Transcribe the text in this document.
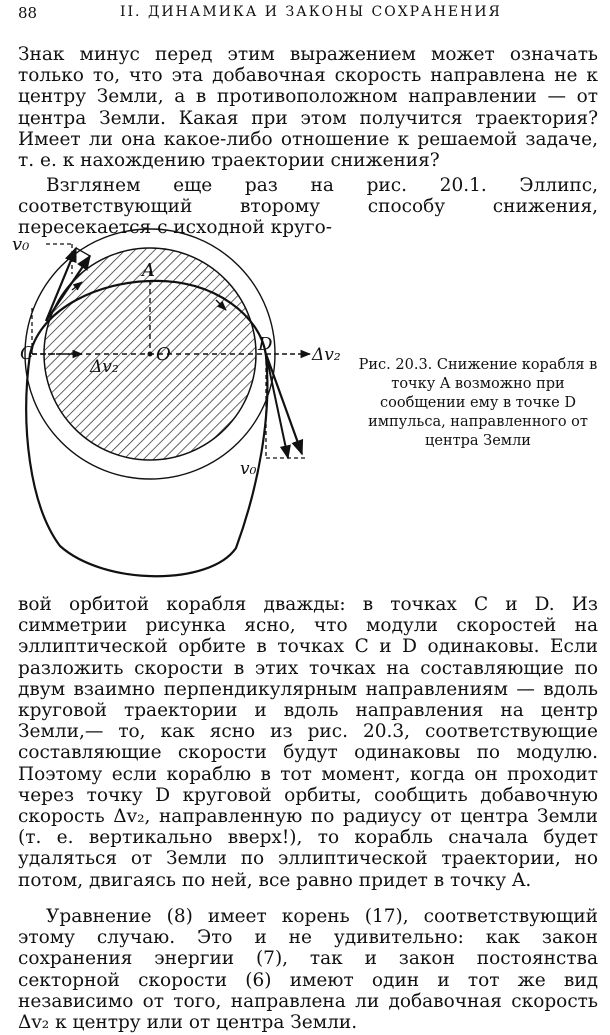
88	II. ДИНАМИКА И ЗАКОНЫ СОХРАНЕНИЯ

Знак минус перед этим выражением может означать только то, что эта добавочная скорость направлена не к центру Земли, а в противоположном направлении — от центра Земли. Какая при этом получится траектория? Имеет ли она какое-либо отношение к решаемой задаче, т. е. к нахождению траектории снижения?

Взглянем еще раз на рис. 20.1. Эллипс, соответствующий второму способу снижения, пересекается с исходной круго-

v₀
A
C
Δv₂
O	D Δv₂
v₀

Рис. 20.3. Снижение корабля в точку A возможно при сообщении ему в точке D импульса, направленного от центра Земли

вой орбитой корабля дважды: в точках C и D. Из симметрии рисунка ясно, что модули скоростей на эллиптической орбите в точках C и D одинаковы. Если разложить скорости в этих точках на составляющие по двум взаимно перпендикулярным направлениям — вдоль круговой траектории и вдоль направления на центр Земли,— то, как ясно из рис. 20.3, соответствующие составляющие скорости будут одинаковы по модулю. Поэтому если кораблю в тот момент, когда он проходит через точку D круговой орбиты, сообщить добавочную скорость Δv₂, направленную по радиусу от центра Земли (т. е. вертикально вверх!), то корабль сначала будет удаляться от Земли по эллиптической траектории, но потом, двигаясь по ней, все равно придет в точку A.

Уравнение (8) имеет корень (17), соответствующий этому случаю. Это и не удивительно: как закон сохранения энергии (7), так и закон постоянства секторной скорости (6) имеют один и тот же вид независимо от того, направлена ли добавочная скорость Δv₂ к центру или от центра Земли.
